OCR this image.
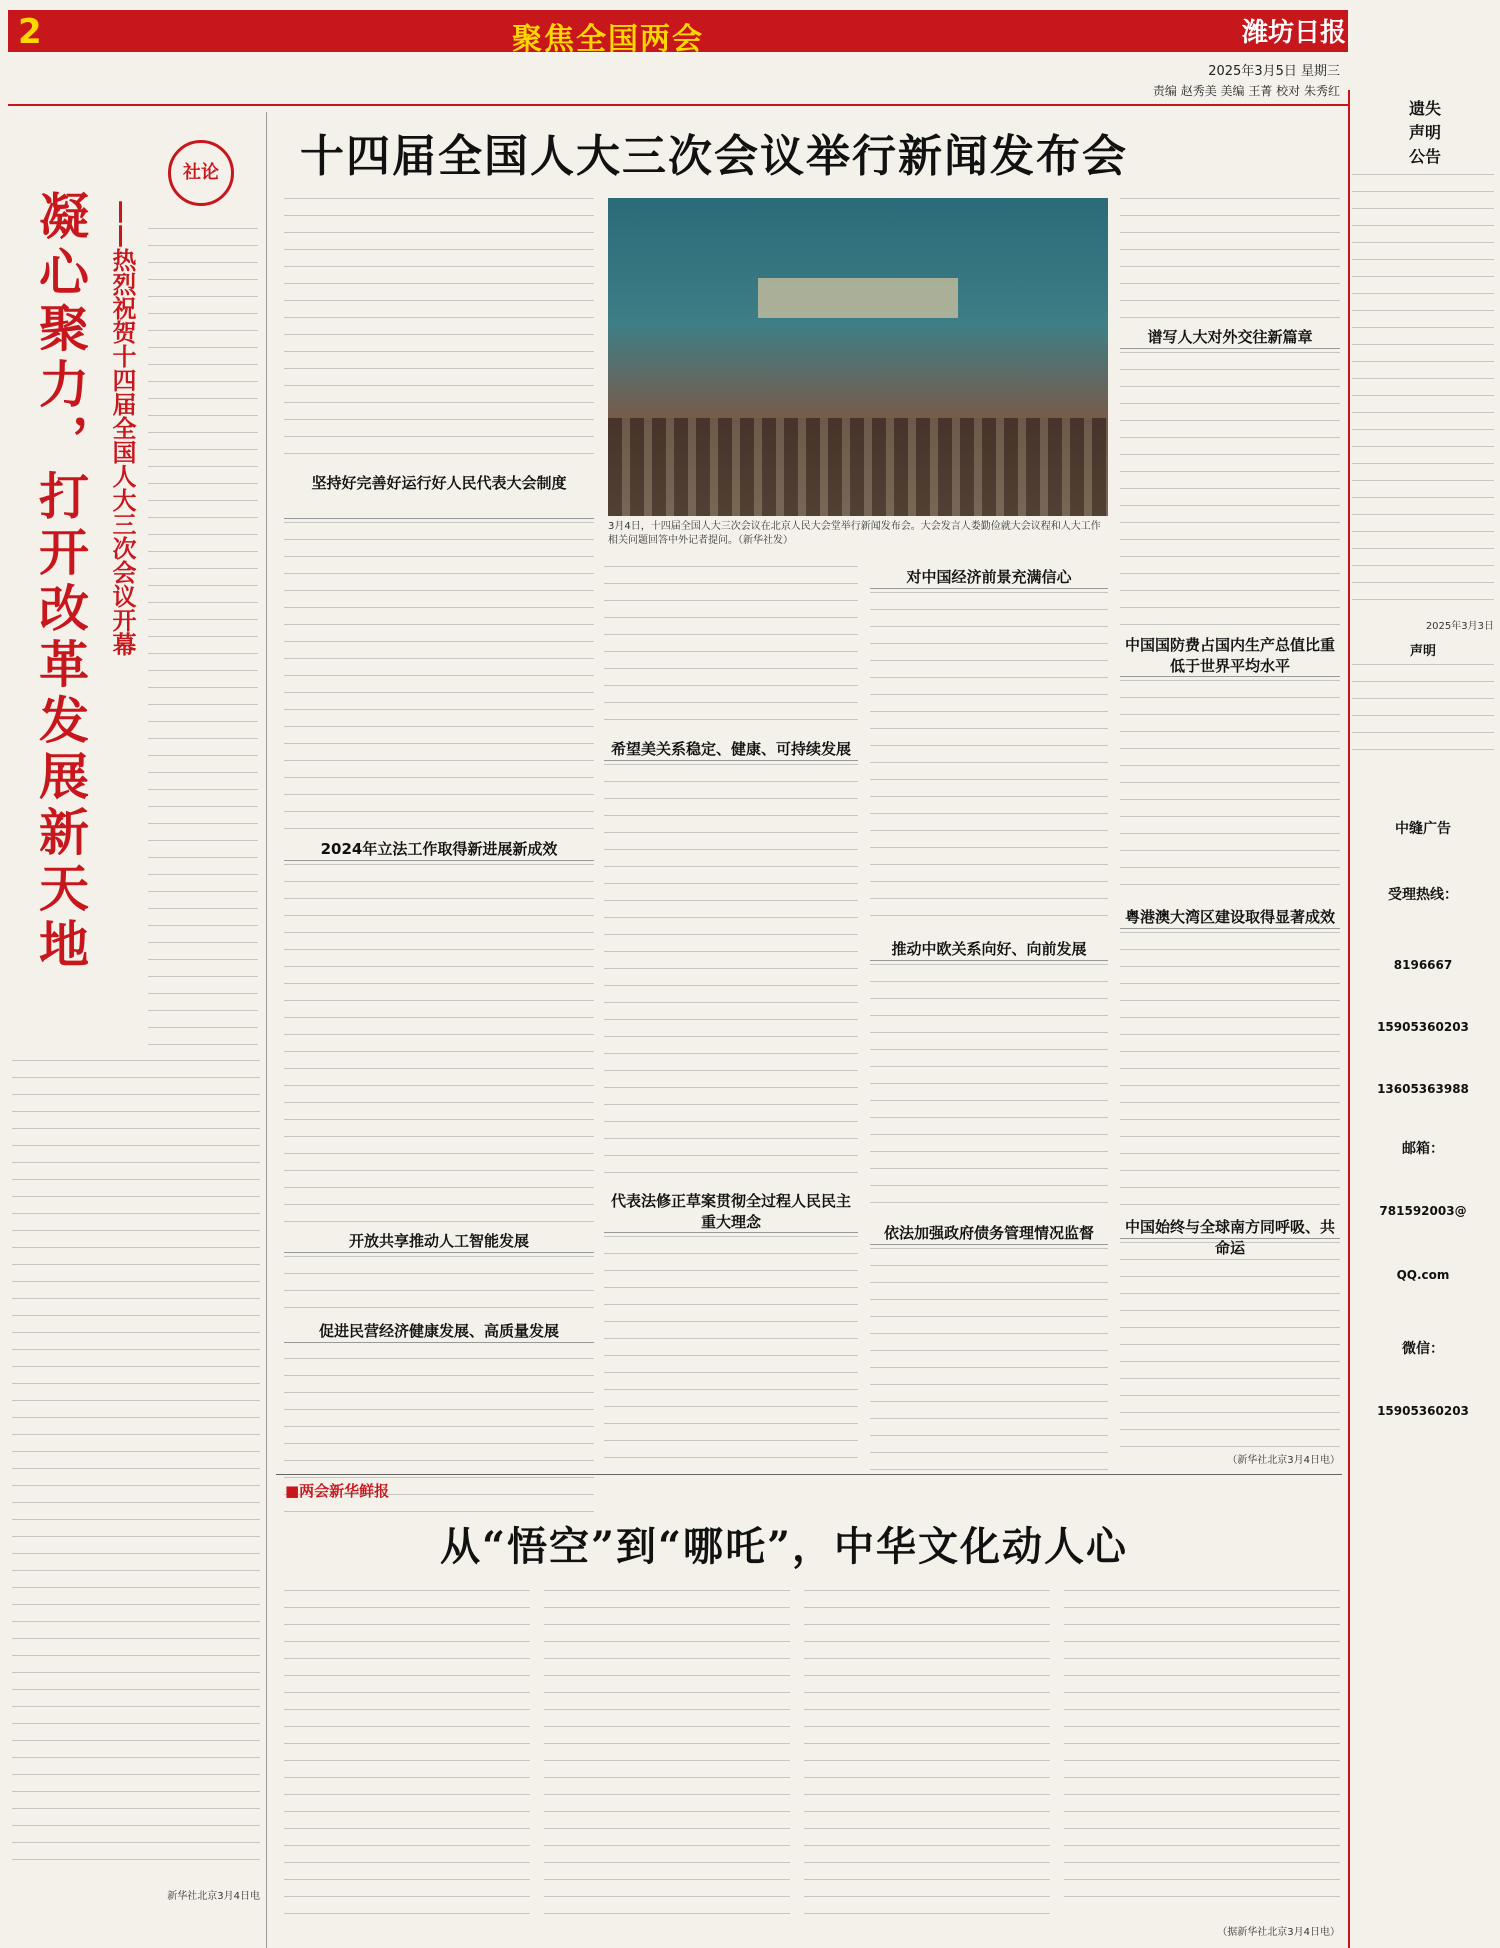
2	聚焦全国两会	潍坊日报
2025年3月5日 星期三
责编 赵秀美 美编 王菁 校对 朱秀红
社论
凝心聚力，打开改革发展新天地 ——热烈祝贺十四届全国人大三次会议开幕
新华社北京3月4日电
十四届全国人大三次会议举行新闻发布会
3月4日，十四届全国人大三次会议在北京人民大会堂举行新闻发布会。大会发言人娄勤俭就大会议程和人大工作相关问题回答中外记者提问。（新华社发）
坚持好完善好运行好人民代表大会制度
2024年立法工作取得新进展新成效
开放共享推动人工智能发展
促进民营经济健康发展、高质量发展
希望美关系稳定、健康、可持续发展
代表法修正草案贯彻全过程人民民主重大理念
对中国经济前景充满信心
推动中欧关系向好、向前发展
依法加强政府债务管理情况监督
谱写人大对外交往新篇章
中国国防费占国内生产总值比重低于世界平均水平
粤港澳大湾区建设取得显著成效
中国始终与全球南方同呼吸、共命运
（新华社北京3月4日电）
■两会新华鲜报
从“悟空”到“哪吒”，中华文化动人心
（据新华社北京3月4日电）
遗失
声明
公告
2025年3月3日
声明
中缝广告
受理热线：
8196667
15905360203
13605363988
邮箱：
781592003@
QQ.com
微信：
15905360203
